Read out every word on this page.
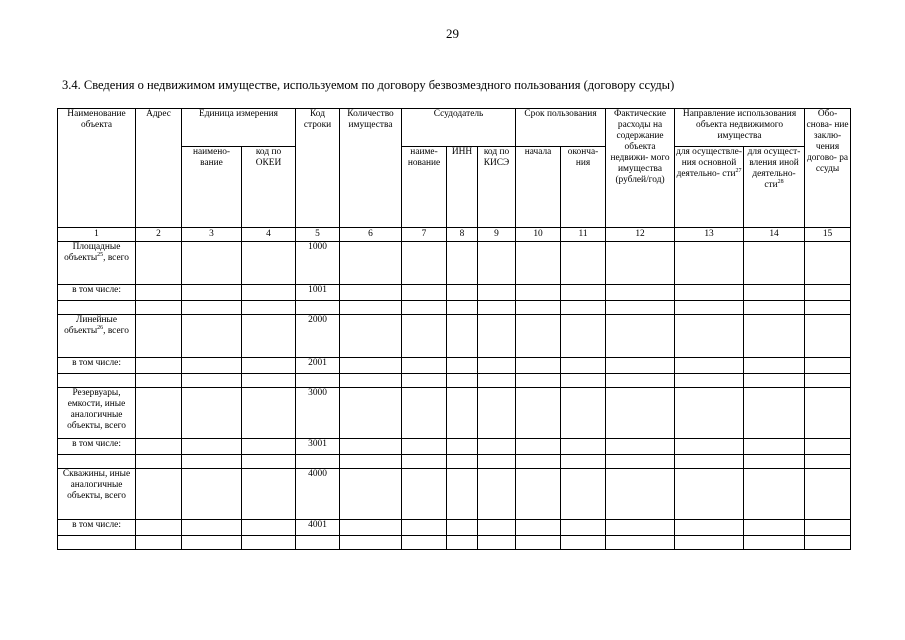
29
3.4. Сведения о недвижимом имуществе, используемом по договору безвозмездного пользования (договору ссуды)
Наименование объекта	Адрес	Единица измерения		Код строки	Количество имущества	Ссудодатель			Срок пользования		Фактические расходы на содержание объекта недвижи- мого имущества (рублей/год)	Направление использования объекта недвижимого имущества		Обо- снова- ние заклю- чения догово- ра ссуды
		наимено- вание	код по ОКЕИ			наиме- нование	ИНН	код по КИСЭ	начала	оконча- ния		для осуществле- ния основной деятельно- сти$^{27}$	для осущест- вления иной деятельно- сти$^{28}$
1	2	3	4	5	6	7	8	9	10	11	12	13	14	15
Площадные объекты$^{25}$, всего				1000										
в том числе:				1001										

Линейные объекты$^{26}$, всего				2000										
в том числе:				2001										

Резервуары, емкости, иные аналогичные объекты, всего				3000										
в том числе:				3001										

Скважины, иные аналогичные объекты, всего				4000										
в том числе:				4001										
